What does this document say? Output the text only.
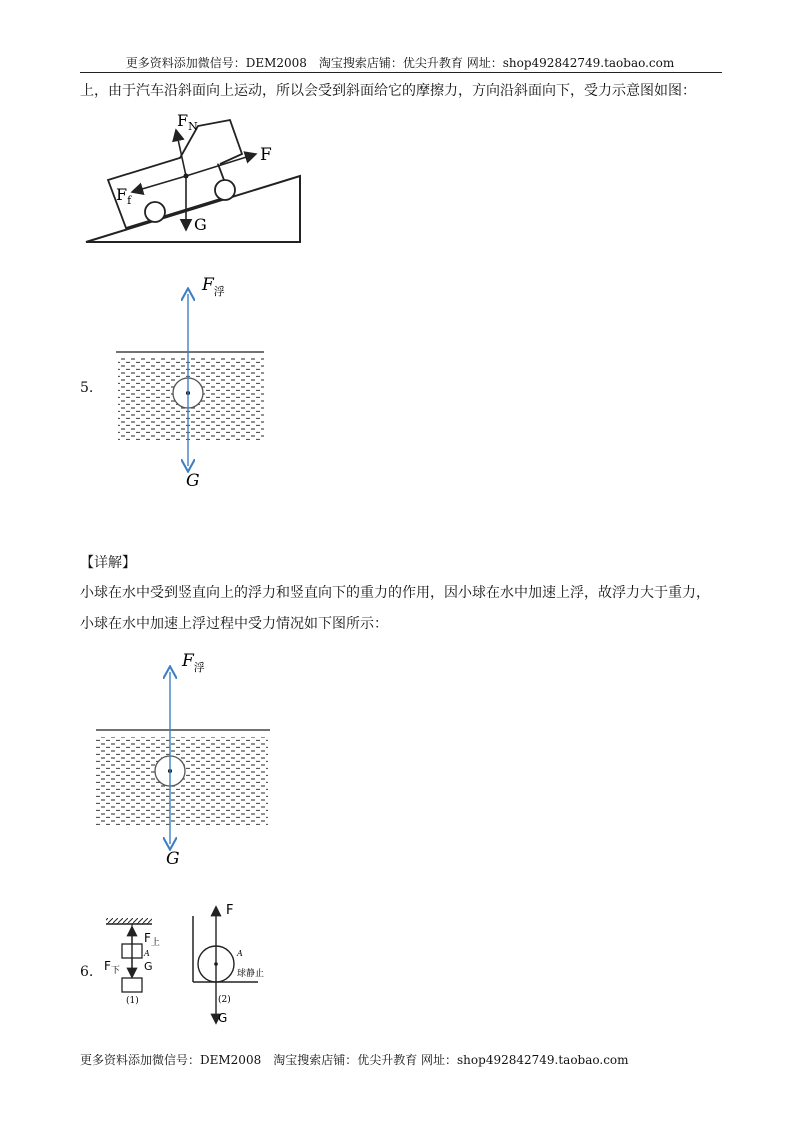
更多资料添加微信号：DEM2008　淘宝搜索店铺：优尖升教育 网址：shop492842749.taobao.com
上，由于汽车沿斜面向上运动，所以会受到斜面给它的摩擦力，方向沿斜面向下，受力示意图如图：
$F_N$
F
$F_f$
G
5.
$F_浮$
G
【详解】
小球在水中受到竖直向上的浮力和竖直向下的重力的作用，因小球在水中加速上浮，故浮力大于重力，
小球在水中加速上浮过程中受力情况如下图所示：
$F_浮$
G
6.
$F_上$
A
$F_下$ G
(1)
F
A
球静止
(2)
G
更多资料添加微信号：DEM2008　淘宝搜索店铺：优尖升教育 网址：shop492842749.taobao.com
